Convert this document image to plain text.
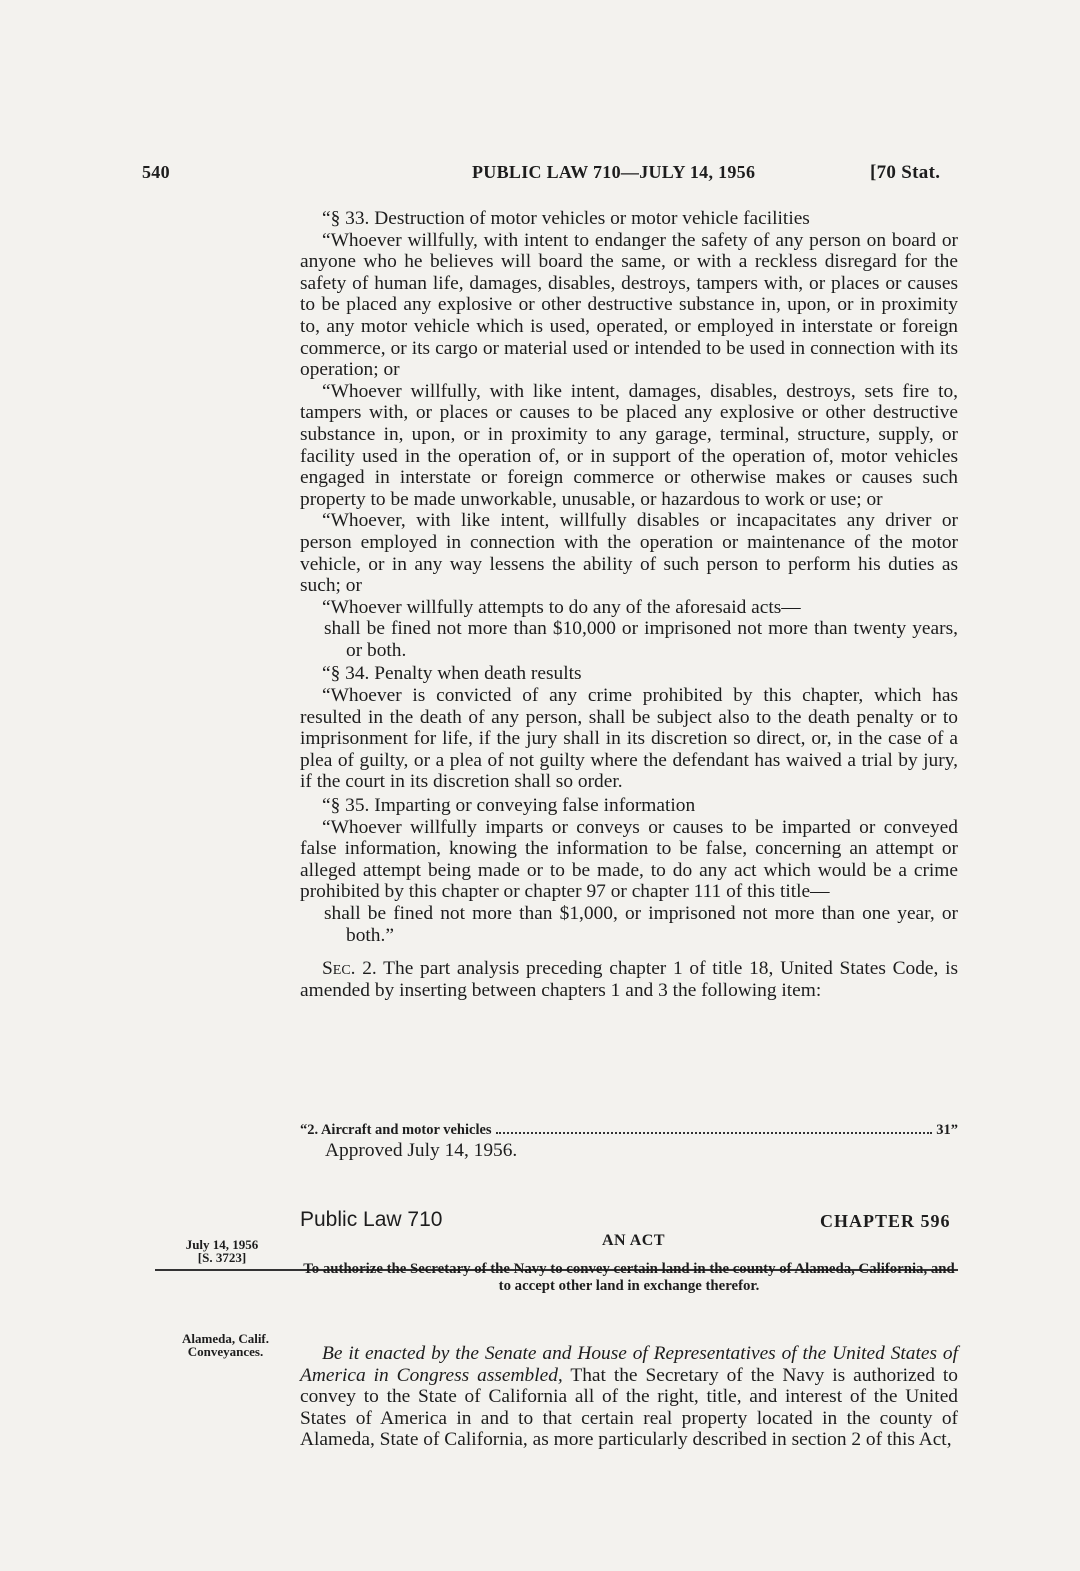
540	PUBLIC LAW 710—JULY 14, 1956	[70 Stat.

“§ 33. Destruction of motor vehicles or motor vehicle facilities

“Whoever willfully, with intent to endanger the safety of any person on board or anyone who he believes will board the same, or with a reckless disregard for the safety of human life, damages, disables, destroys, tampers with, or places or causes to be placed any explosive or other destructive substance in, upon, or in proximity to, any motor vehicle which is used, operated, or employed in interstate or foreign commerce, or its cargo or material used or intended to be used in connection with its operation; or

“Whoever willfully, with like intent, damages, disables, destroys, sets fire to, tampers with, or places or causes to be placed any explosive or other destructive substance in, upon, or in proximity to any garage, terminal, structure, supply, or facility used in the operation of, or in support of the operation of, motor vehicles engaged in interstate or foreign commerce or otherwise makes or causes such property to be made unworkable, unusable, or hazardous to work or use; or

“Whoever, with like intent, willfully disables or incapacitates any driver or person employed in connection with the operation or maintenance of the motor vehicle, or in any way lessens the ability of such person to perform his duties as such; or

“Whoever willfully attempts to do any of the aforesaid acts—

shall be fined not more than $10,000 or imprisoned not more than twenty years, or both.

“§ 34. Penalty when death results

“Whoever is convicted of any crime prohibited by this chapter, which has resulted in the death of any person, shall be subject also to the death penalty or to imprisonment for life, if the jury shall in its discretion so direct, or, in the case of a plea of guilty, or a plea of not guilty where the defendant has waived a trial by jury, if the court in its discretion shall so order.

“§ 35. Imparting or conveying false information

“Whoever willfully imparts or conveys or causes to be imparted or conveyed false information, knowing the information to be false, concerning an attempt or alleged attempt being made or to be made, to do any act which would be a crime prohibited by this chapter or chapter 97 or chapter 111 of this title—

shall be fined not more than $1,000, or imprisoned not more than one year, or both.”

Sec. 2. The part analysis preceding chapter 1 of title 18, United States Code, is amended by inserting between chapters 1 and 3 the following item:

“2. Aircraft and motor vehicles	31”
Approved July 14, 1956.
Public Law 710	CHAPTER 596
AN ACT
July 14, 1956
[S. 3723]
To authorize the Secretary of the Navy to convey certain land in the county of Alameda, California, and to accept other land in exchange therefor.
Alameda, Calif.
Conveyances.	Be it enacted by the Senate and House of Representatives of the United States of America in Congress assembled, That the Secretary of the Navy is authorized to convey to the State of California all of the right, title, and interest of the United States of America in and to that certain real property located in the county of Alameda, State of California, as more particularly described in section 2 of this Act,
